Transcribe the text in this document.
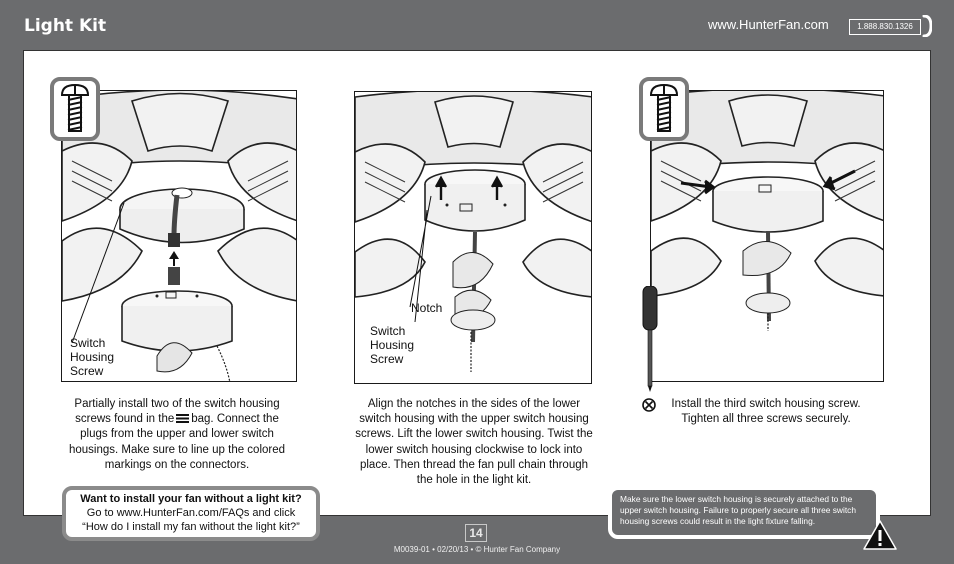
Light Kit	www.HunterFan.com	1.888.830.1326
Switch
Housing
Screw
Notch
Switch
Housing
Screw
Partially install two of the switch housing screws found in the bag. Connect the plugs from the upper and lower switch housings. Make sure to line up the colored markings on the connectors.
Align the notches in the sides of the lower switch housing with the upper switch housing screws. Lift the lower switch housing. Twist the lower switch housing clockwise to lock into place. Then thread the fan pull chain through the hole in the light kit.
Install the third switch housing screw. Tighten all three screws securely.
Want to install your fan without a light kit?
Go to www.HunterFan.com/FAQs and click
“How do I install my fan without the light kit?”
Make sure the lower switch housing is securely attached to the upper switch housing. Failure to properly secure all three switch housing screws could result in the light fixture falling.
14
M0039-01 • 02/20/13 • © Hunter Fan Company
